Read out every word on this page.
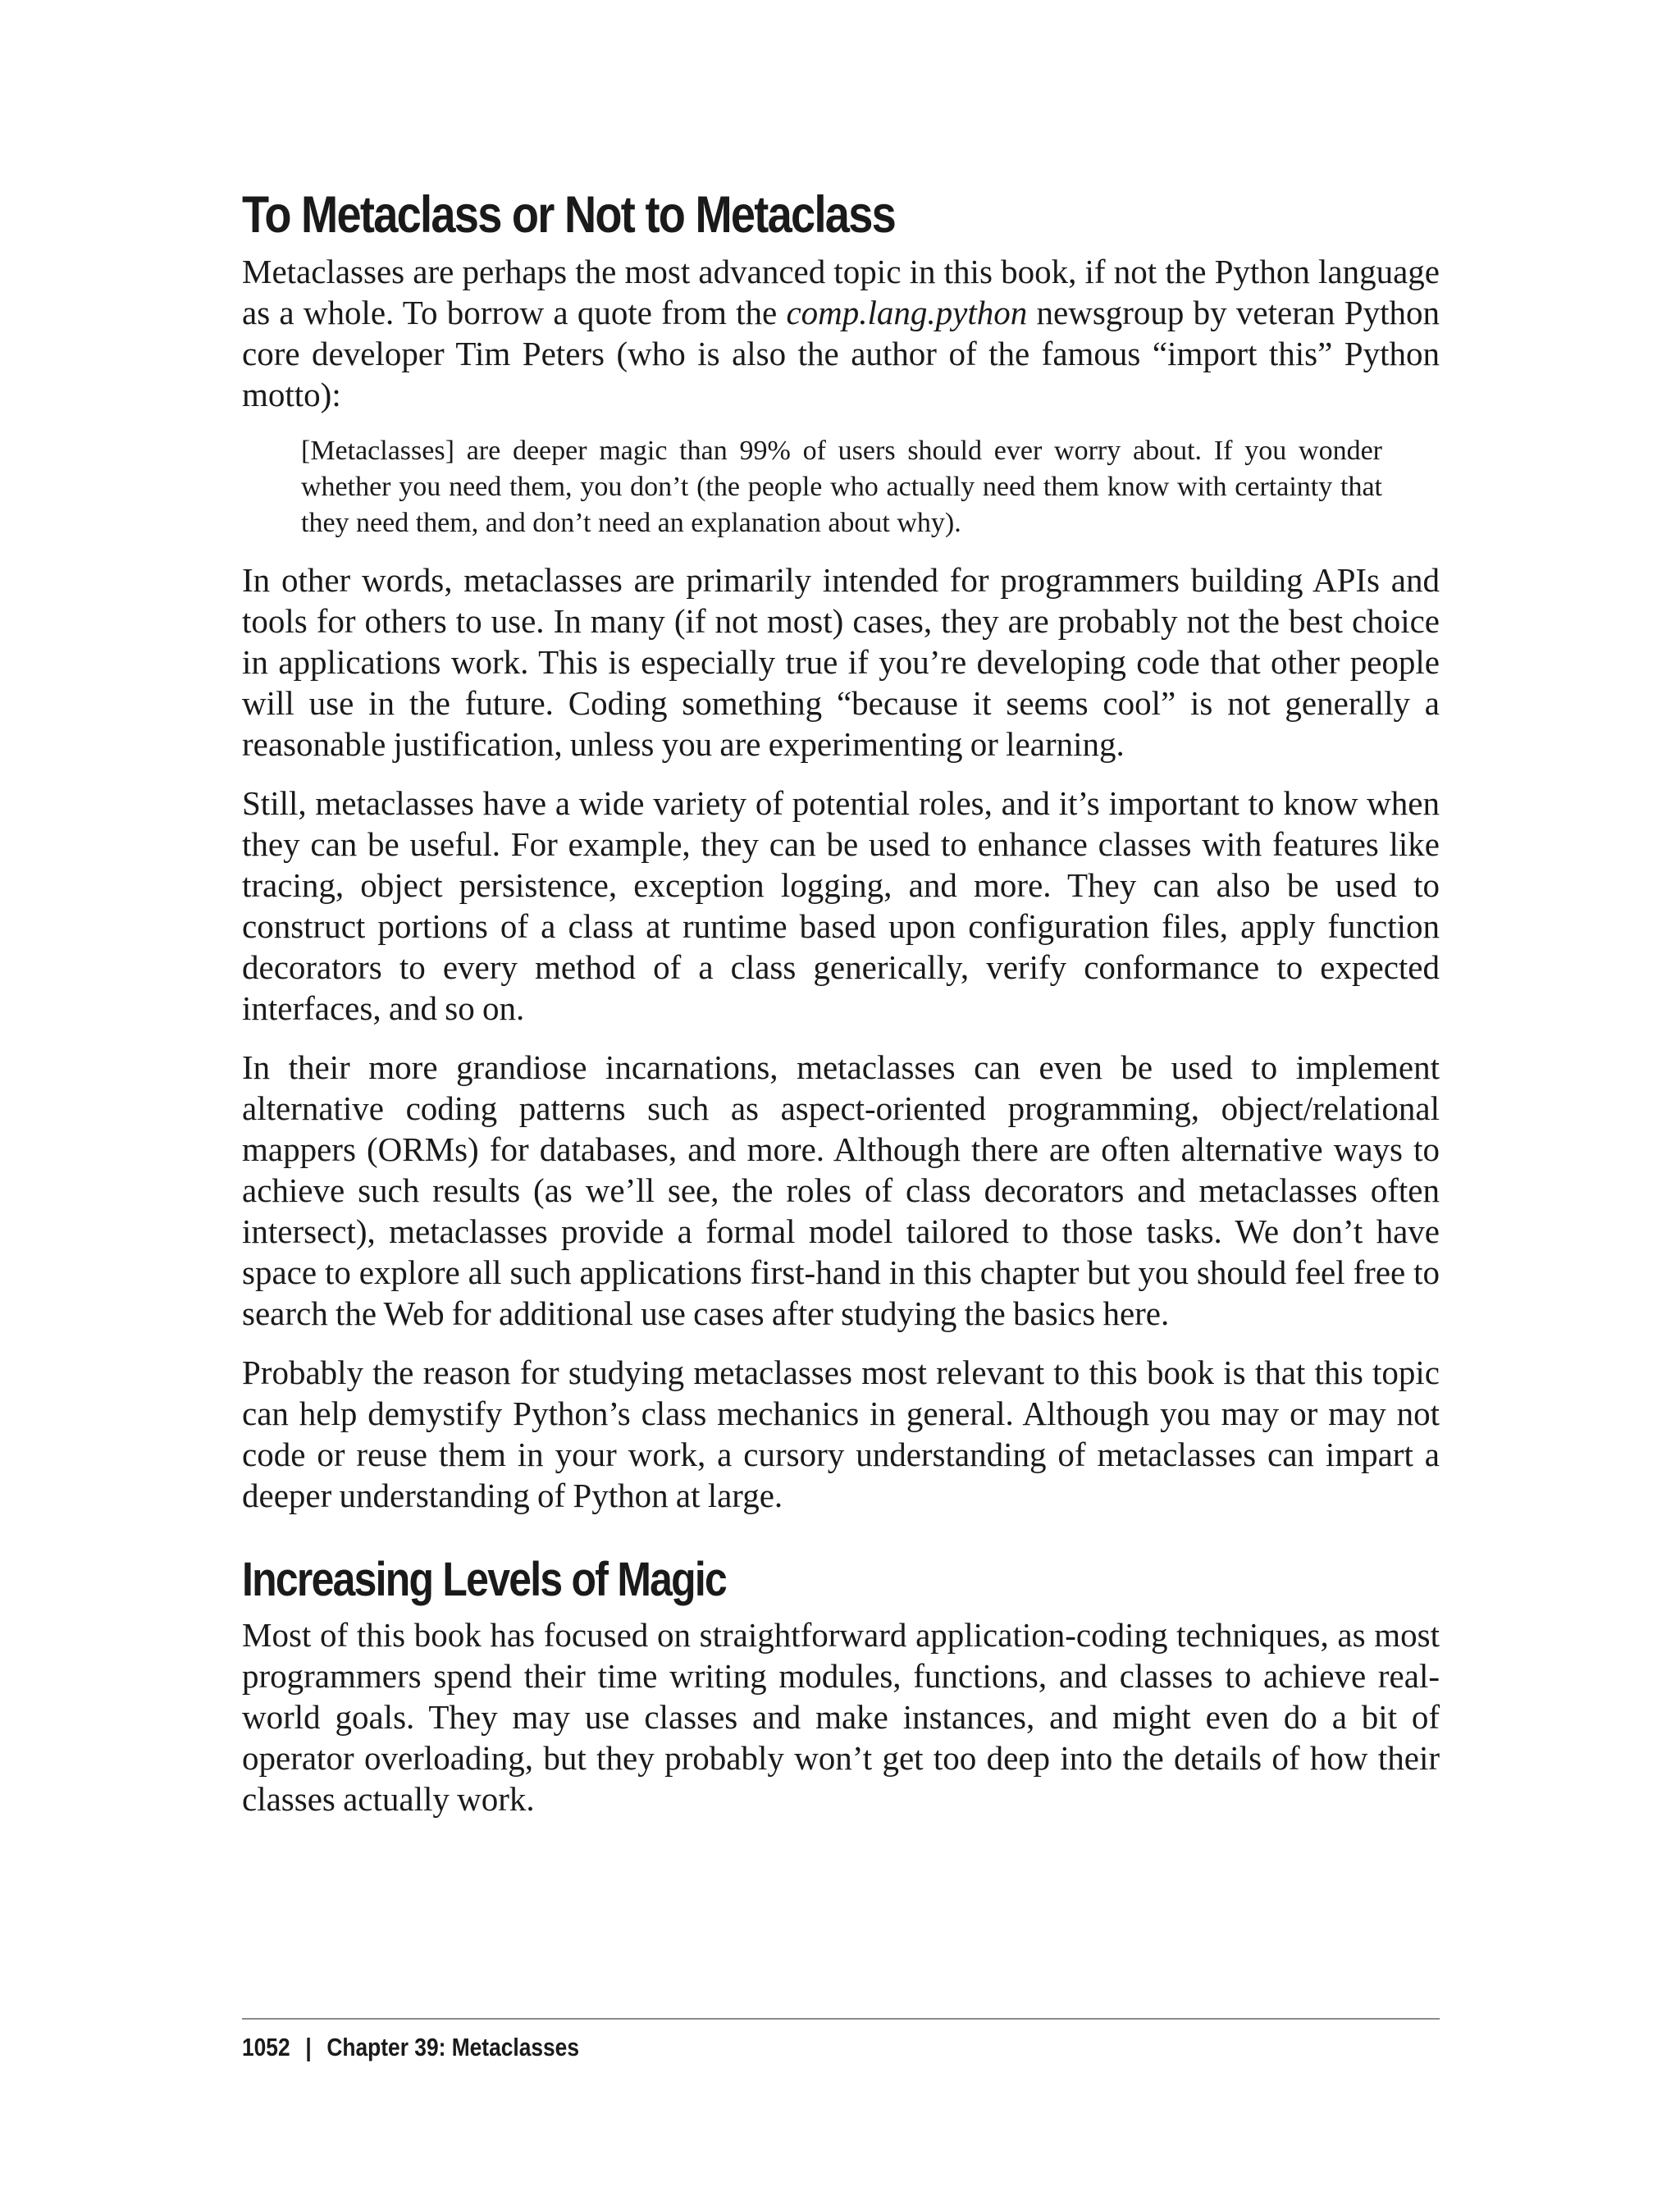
To Metaclass or Not to Metaclass

Metaclasses are perhaps the most advanced topic in this book, if not the Python language as a whole. To borrow a quote from the comp.lang.python newsgroup by veteran Python core developer Tim Peters (who is also the author of the famous “import this” Python motto):

[Metaclasses] are deeper magic than 99% of users should ever worry about. If you wonder whether you need them, you don’t (the people who actually need them know with certainty that they need them, and don’t need an explanation about why).

In other words, metaclasses are primarily intended for programmers building APIs and tools for others to use. In many (if not most) cases, they are probably not the best choice in applications work. This is especially true if you’re developing code that other people will use in the future. Coding something “because it seems cool” is not generally a reasonable justification, unless you are experimenting or learning.

Still, metaclasses have a wide variety of potential roles, and it’s important to know when they can be useful. For example, they can be used to enhance classes with features like tracing, object persistence, exception logging, and more. They can also be used to construct portions of a class at runtime based upon configuration files, apply function decorators to every method of a class generically, verify conformance to expected interfaces, and so on.

In their more grandiose incarnations, metaclasses can even be used to implement alternative coding patterns such as aspect-oriented programming, object/relational mappers (ORMs) for databases, and more. Although there are often alternative ways to achieve such results (as we’ll see, the roles of class decorators and metaclasses often intersect), metaclasses provide a formal model tailored to those tasks. We don’t have space to explore all such applications first-hand in this chapter but you should feel free to search the Web for additional use cases after studying the basics here.

Probably the reason for studying metaclasses most relevant to this book is that this topic can help demystify Python’s class mechanics in general. Although you may or may not code or reuse them in your work, a cursory understanding of metaclasses can impart a deeper understanding of Python at large.

Increasing Levels of Magic

Most of this book has focused on straightforward application-coding techniques, as most programmers spend their time writing modules, functions, and classes to achieve real-world goals. They may use classes and make instances, and might even do a bit of operator overloading, but they probably won’t get too deep into the details of how their classes actually work.

1052 | Chapter 39: Metaclasses
